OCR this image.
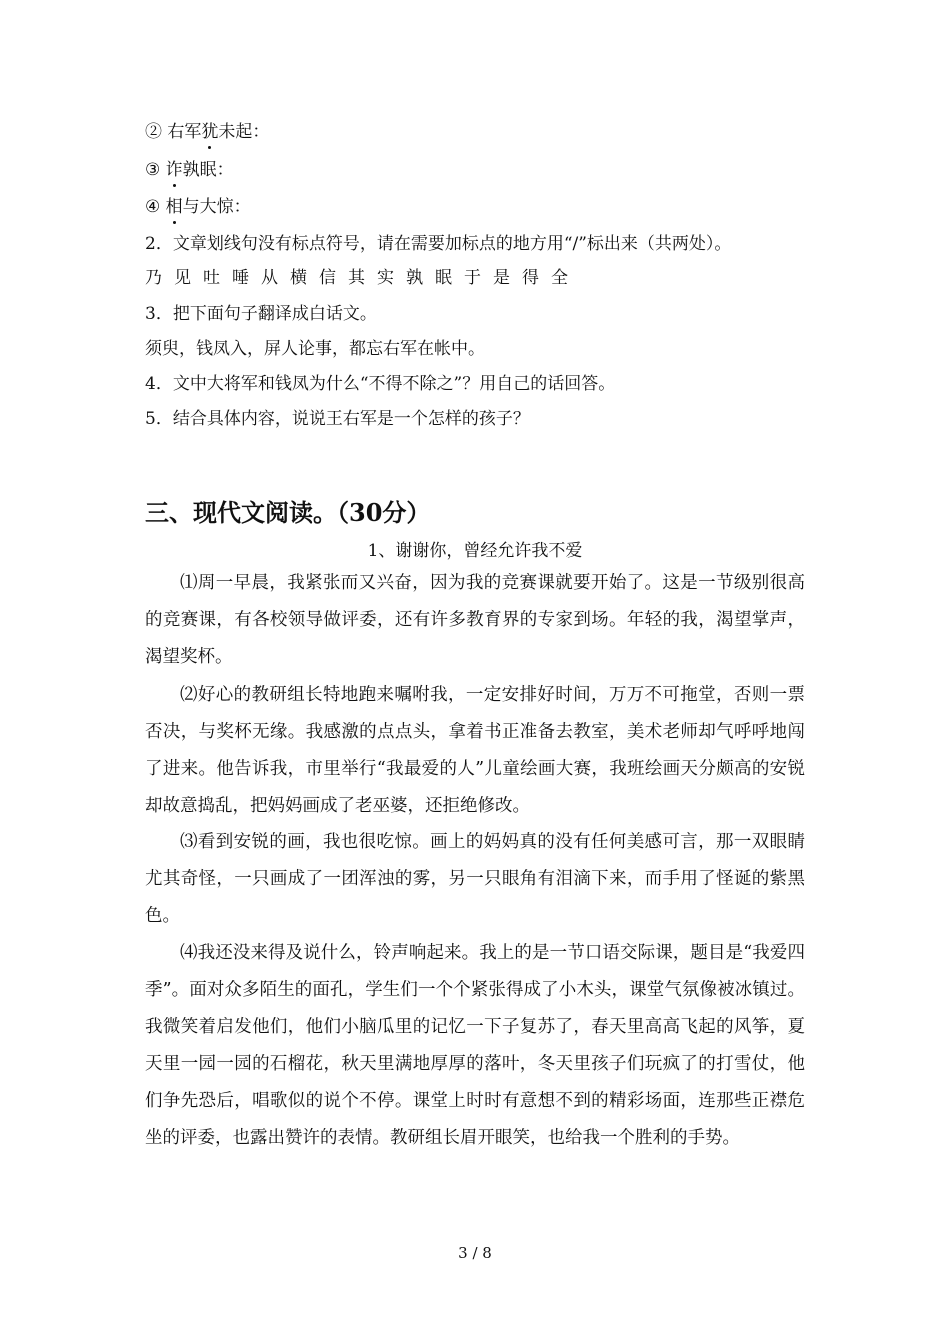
② 右军犹未起：
③ 诈孰眠：
④ 相与大惊：
2．文章划线句没有标点符号，请在需要加标点的地方用“/”标出来（共两处）。
乃见吐唾从横信其实孰眠于是得全
3．把下面句子翻译成白话文。
须臾，钱凤入，屏人论事，都忘右军在帐中。
4．文中大将军和钱凤为什么“不得不除之”？用自己的话回答。
5．结合具体内容，说说王右军是一个怎样的孩子？
三、现代文阅读。（30分）
1、谢谢你，曾经允许我不爱

⑴周一早晨，我紧张而又兴奋，因为我的竞赛课就要开始了。这是一节级别很高的竞赛课，有各校领导做评委，还有许多教育界的专家到场。年轻的我，渴望掌声，渴望奖杯。

⑵好心的教研组长特地跑来嘱咐我，一定安排好时间，万万不可拖堂，否则一票否决，与奖杯无缘。我感激的点点头，拿着书正准备去教室，美术老师却气呼呼地闯了进来。他告诉我，市里举行“我最爱的人”儿童绘画大赛，我班绘画天分颇高的安锐却故意捣乱，把妈妈画成了老巫婆，还拒绝修改。

⑶看到安锐的画，我也很吃惊。画上的妈妈真的没有任何美感可言，那一双眼睛尤其奇怪，一只画成了一团浑浊的雾，另一只眼角有泪滴下来，而手用了怪诞的紫黑色。

⑷我还没来得及说什么，铃声响起来。我上的是一节口语交际课，题目是“我爱四季”。面对众多陌生的面孔，学生们一个个紧张得成了小木头，课堂气氛像被冰镇过。我微笑着启发他们，他们小脑瓜里的记忆一下子复苏了，春天里高高飞起的风筝，夏天里一园一园的石榴花，秋天里满地厚厚的落叶，冬天里孩子们玩疯了的打雪仗，他们争先恐后，唱歌似的说个不停。课堂上时时有意想不到的精彩场面，连那些正襟危坐的评委，也露出赞许的表情。教研组长眉开眼笑，也给我一个胜利的手势。

3 / 8
